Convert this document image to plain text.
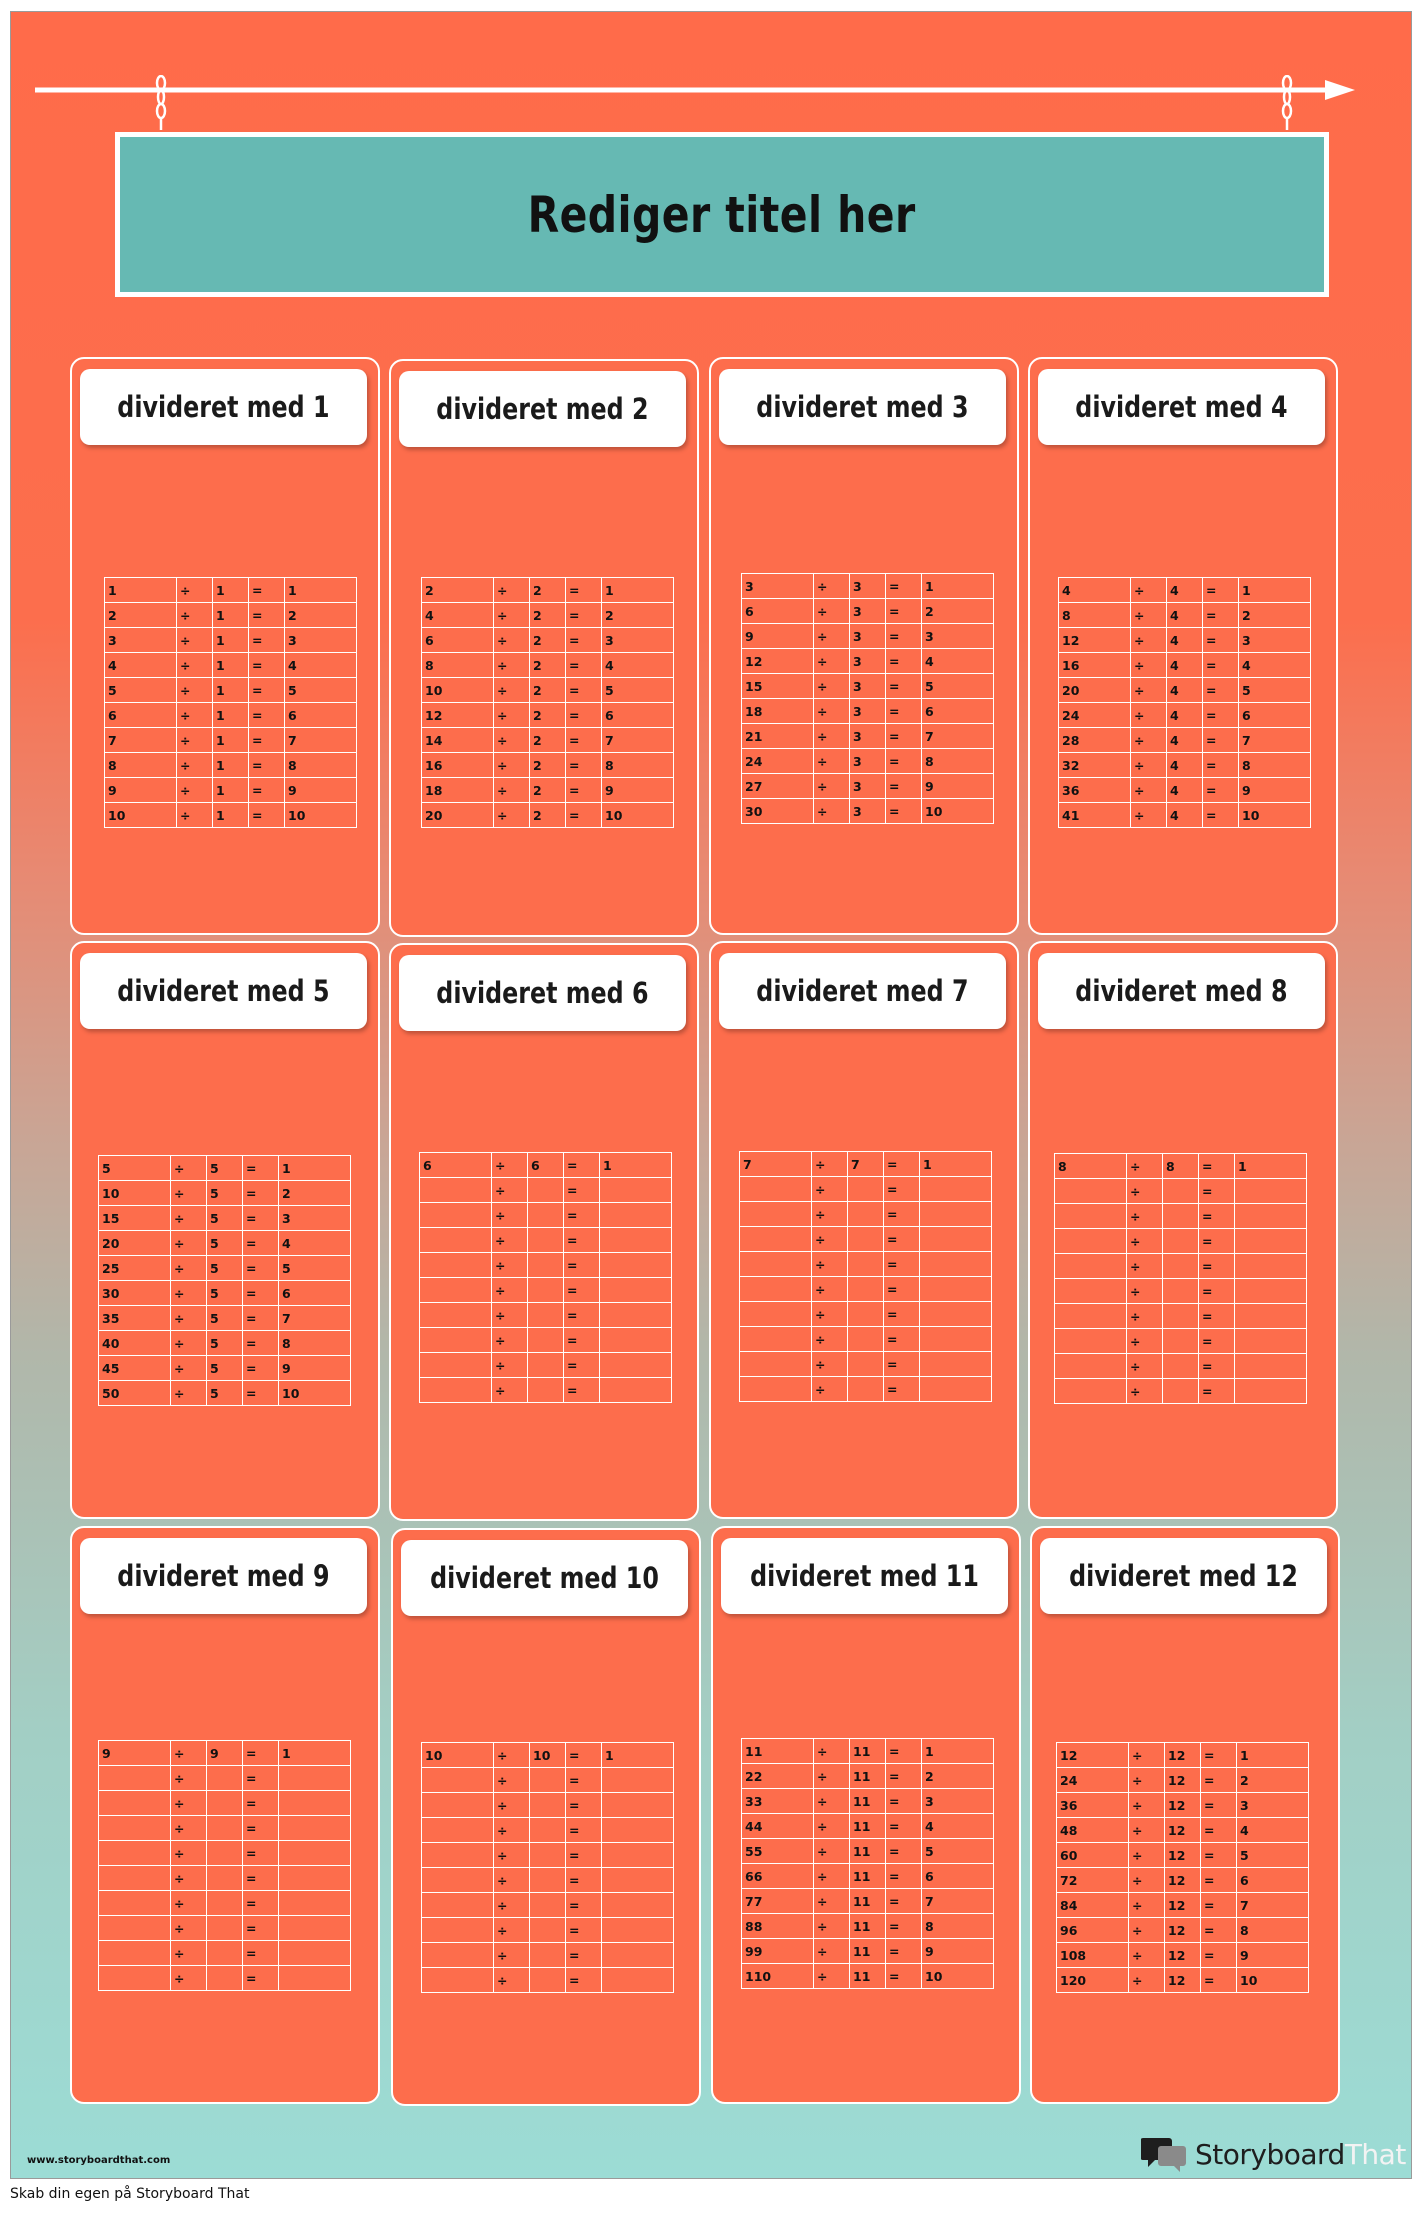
Rediger titel her
divideret med 1
1	÷	1	=	1
2	÷	1	=	2
3	÷	1	=	3
4	÷	1	=	4
5	÷	1	=	5
6	÷	1	=	6
7	÷	1	=	7
8	÷	1	=	8
9	÷	1	=	9
10	÷	1	=	10
divideret med 2
2	÷	2	=	1
4	÷	2	=	2
6	÷	2	=	3
8	÷	2	=	4
10	÷	2	=	5
12	÷	2	=	6
14	÷	2	=	7
16	÷	2	=	8
18	÷	2	=	9
20	÷	2	=	10
divideret med 3
3	÷	3	=	1
6	÷	3	=	2
9	÷	3	=	3
12	÷	3	=	4
15	÷	3	=	5
18	÷	3	=	6
21	÷	3	=	7
24	÷	3	=	8
27	÷	3	=	9
30	÷	3	=	10
divideret med 4
4	÷	4	=	1
8	÷	4	=	2
12	÷	4	=	3
16	÷	4	=	4
20	÷	4	=	5
24	÷	4	=	6
28	÷	4	=	7
32	÷	4	=	8
36	÷	4	=	9
41	÷	4	=	10
divideret med 5
5	÷	5	=	1
10	÷	5	=	2
15	÷	5	=	3
20	÷	5	=	4
25	÷	5	=	5
30	÷	5	=	6
35	÷	5	=	7
40	÷	5	=	8
45	÷	5	=	9
50	÷	5	=	10
divideret med 6
6	÷	6	=	1
	÷		=	
	÷		=	
	÷		=	
	÷		=	
	÷		=	
	÷		=	
	÷		=	
	÷		=	
	÷		=	
divideret med 7
7	÷	7	=	1
	÷		=	
	÷		=	
	÷		=	
	÷		=	
	÷		=	
	÷		=	
	÷		=	
	÷		=	
	÷		=	
divideret med 8
8	÷	8	=	1
	÷		=	
	÷		=	
	÷		=	
	÷		=	
	÷		=	
	÷		=	
	÷		=	
	÷		=	
	÷		=	
divideret med 9
9	÷	9	=	1
	÷		=	
	÷		=	
	÷		=	
	÷		=	
	÷		=	
	÷		=	
	÷		=	
	÷		=	
	÷		=	
divideret med 10
10	÷	10	=	1
	÷		=	
	÷		=	
	÷		=	
	÷		=	
	÷		=	
	÷		=	
	÷		=	
	÷		=	
	÷		=	
divideret med 11
11	÷	11	=	1
22	÷	11	=	2
33	÷	11	=	3
44	÷	11	=	4
55	÷	11	=	5
66	÷	11	=	6
77	÷	11	=	7
88	÷	11	=	8
99	÷	11	=	9
110	÷	11	=	10
divideret med 12
12	÷	12	=	1
24	÷	12	=	2
36	÷	12	=	3
48	÷	12	=	4
60	÷	12	=	5
72	÷	12	=	6
84	÷	12	=	7
96	÷	12	=	8
108	÷	12	=	9
120	÷	12	=	10
www.storyboardthat.com	StoryboardThat
Skab din egen på Storyboard That
